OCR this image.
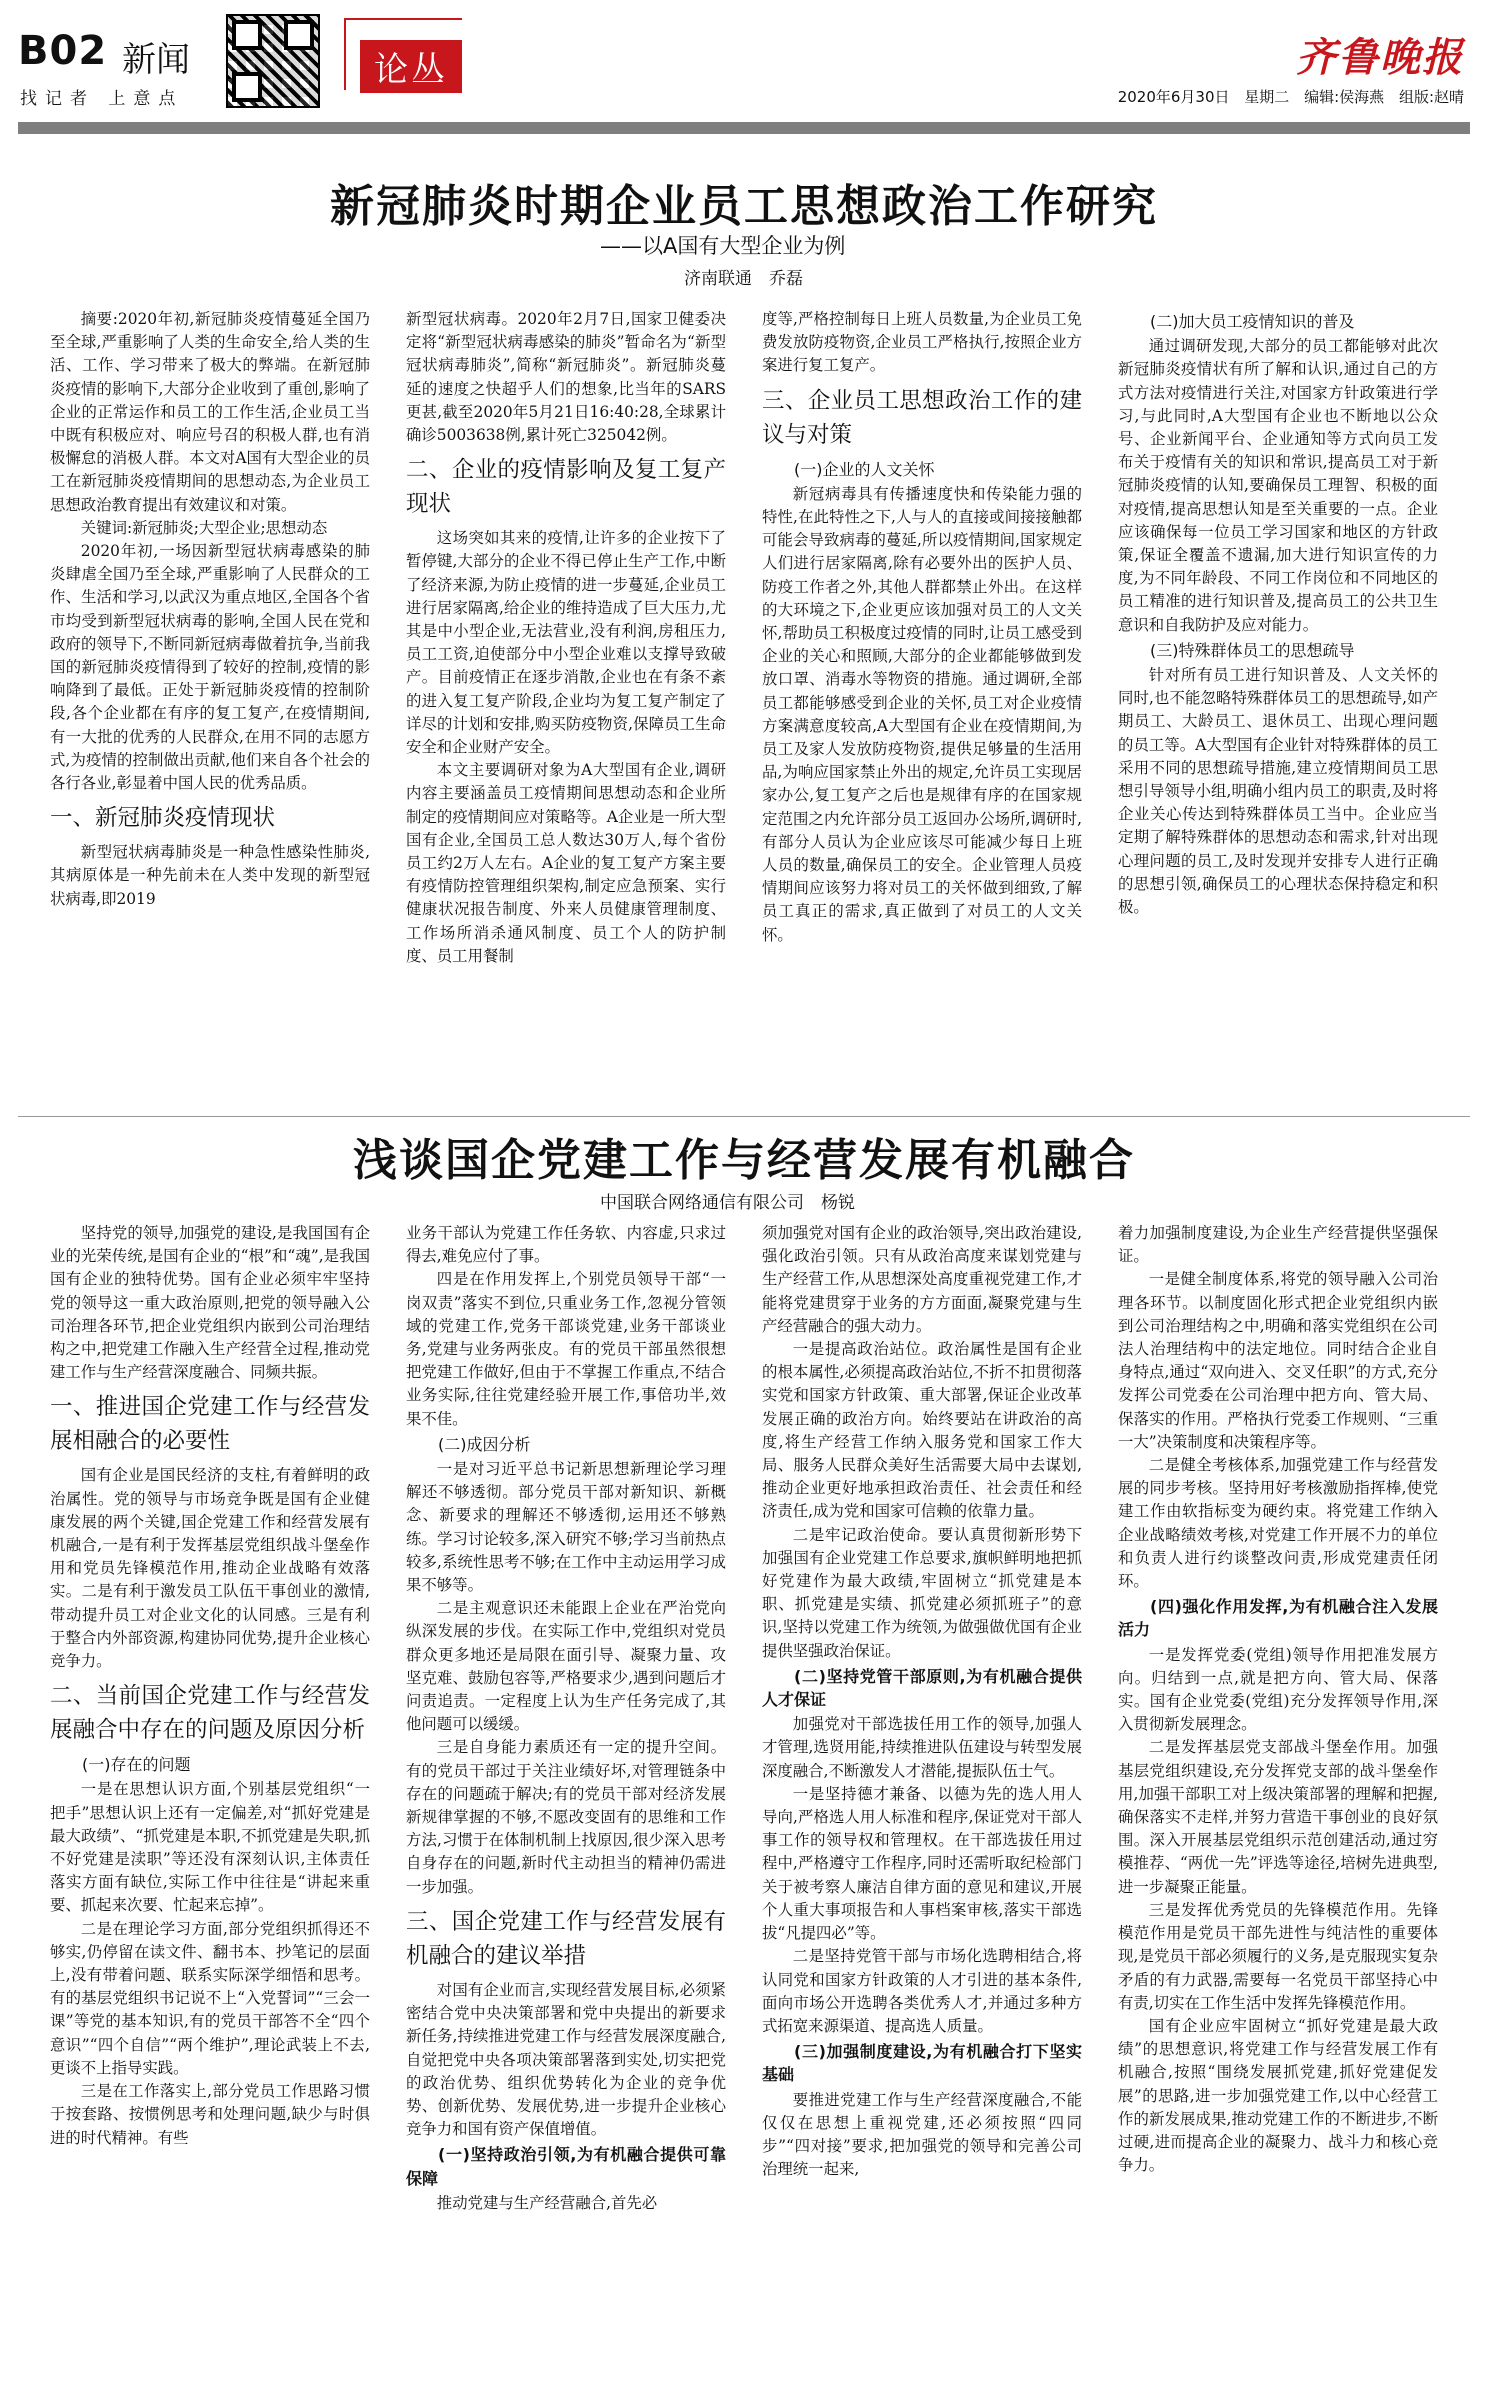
B02 新闻
找记者 上意点
论丛	齐鲁晚报
2020年6月30日 星期二 编辑:侯海燕 组版:赵晴
新冠肺炎时期企业员工思想政治工作研究
——以A国有大型企业为例
济南联通　乔磊

摘要:2020年初,新冠肺炎疫情蔓延全国乃至全球,严重影响了人类的生命安全,给人类的生活、工作、学习带来了极大的弊端。在新冠肺炎疫情的影响下,大部分企业收到了重创,影响了企业的正常运作和员工的工作生活,企业员工当中既有积极应对、响应号召的积极人群,也有消极懈怠的消极人群。本文对A国有大型企业的员工在新冠肺炎疫情期间的思想动态,为企业员工思想政治教育提出有效建议和对策。

关键词:新冠肺炎;大型企业;思想动态

2020年初,一场因新型冠状病毒感染的肺炎肆虐全国乃至全球,严重影响了人民群众的工作、生活和学习,以武汉为重点地区,全国各个省市均受到新型冠状病毒的影响,全国人民在党和政府的领导下,不断同新冠病毒做着抗争,当前我国的新冠肺炎疫情得到了较好的控制,疫情的影响降到了最低。正处于新冠肺炎疫情的控制阶段,各个企业都在有序的复工复产,在疫情期间,有一大批的优秀的人民群众,在用不同的志愿方式,为疫情的控制做出贡献,他们来自各个社会的各行各业,彰显着中国人民的优秀品质。

一、新冠肺炎疫情现状

新型冠状病毒肺炎是一种急性感染性肺炎,其病原体是一种先前未在人类中发现的新型冠状病毒,即2019

新型冠状病毒。2020年2月7日,国家卫健委决定将“新型冠状病毒感染的肺炎”暂命名为“新型冠状病毒肺炎”,简称“新冠肺炎”。新冠肺炎蔓延的速度之快超乎人们的想象,比当年的SARS更甚,截至2020年5月21日16:40:28,全球累计确诊5003638例,累计死亡325042例。

二、企业的疫情影响及复工复产现状

这场突如其来的疫情,让许多的企业按下了暂停键,大部分的企业不得已停止生产工作,中断了经济来源,为防止疫情的进一步蔓延,企业员工进行居家隔离,给企业的维持造成了巨大压力,尤其是中小型企业,无法营业,没有利润,房租压力,员工工资,迫使部分中小型企业难以支撑导致破产。目前疫情正在逐步消散,企业也在有条不紊的进入复工复产阶段,企业均为复工复产制定了详尽的计划和安排,购买防疫物资,保障员工生命安全和企业财产安全。

本文主要调研对象为A大型国有企业,调研内容主要涵盖员工疫情期间思想动态和企业所制定的疫情期间应对策略等。A企业是一所大型国有企业,全国员工总人数达30万人,每个省份员工约2万人左右。A企业的复工复产方案主要有疫情防控管理组织架构,制定应急预案、实行健康状况报告制度、外来人员健康管理制度、工作场所消杀通风制度、员工个人的防护制度、员工用餐制

度等,严格控制每日上班人员数量,为企业员工免费发放防疫物资,企业员工严格执行,按照企业方案进行复工复产。

三、企业员工思想政治工作的建议与对策
(一)企业的人文关怀

新冠病毒具有传播速度快和传染能力强的特性,在此特性之下,人与人的直接或间接接触都可能会导致病毒的蔓延,所以疫情期间,国家规定人们进行居家隔离,除有必要外出的医护人员、防疫工作者之外,其他人群都禁止外出。在这样的大环境之下,企业更应该加强对员工的人文关怀,帮助员工积极度过疫情的同时,让员工感受到企业的关心和照顾,大部分的企业都能够做到发放口罩、消毒水等物资的措施。通过调研,全部员工都能够感受到企业的关怀,员工对企业疫情方案满意度较高,A大型国有企业在疫情期间,为员工及家人发放防疫物资,提供足够量的生活用品,为响应国家禁止外出的规定,允许员工实现居家办公,复工复产之后也是规律有序的在国家规定范围之内允许部分员工返回办公场所,调研时,有部分人员认为企业应该尽可能减少每日上班人员的数量,确保员工的安全。企业管理人员疫情期间应该努力将对员工的关怀做到细致,了解员工真正的需求,真正做到了对员工的人文关怀。

(二)加大员工疫情知识的普及

通过调研发现,大部分的员工都能够对此次新冠肺炎疫情状有所了解和认识,通过自己的方式方法对疫情进行关注,对国家方针政策进行学习,与此同时,A大型国有企业也不断地以公众号、企业新闻平台、企业通知等方式向员工发布关于疫情有关的知识和常识,提高员工对于新冠肺炎疫情的认知,要确保员工理智、积极的面对疫情,提高思想认知是至关重要的一点。企业应该确保每一位员工学习国家和地区的方针政策,保证全覆盖不遗漏,加大进行知识宣传的力度,为不同年龄段、不同工作岗位和不同地区的员工精准的进行知识普及,提高员工的公共卫生意识和自我防护及应对能力。

(三)特殊群体员工的思想疏导

针对所有员工进行知识普及、人文关怀的同时,也不能忽略特殊群体员工的思想疏导,如产期员工、大龄员工、退休员工、出现心理问题的员工等。A大型国有企业针对特殊群体的员工采用不同的思想疏导措施,建立疫情期间员工思想引导领导小组,明确小组内员工的职责,及时将企业关心传达到特殊群体员工当中。企业应当定期了解特殊群体的思想动态和需求,针对出现心理问题的员工,及时发现并安排专人进行正确的思想引领,确保员工的心理状态保持稳定和积极。

浅谈国企党建工作与经营发展有机融合
中国联合网络通信有限公司　杨锐

坚持党的领导,加强党的建设,是我国国有企业的光荣传统,是国有企业的“根”和“魂”,是我国国有企业的独特优势。国有企业必须牢牢坚持党的领导这一重大政治原则,把党的领导融入公司治理各环节,把企业党组织内嵌到公司治理结构之中,把党建工作融入生产经营全过程,推动党建工作与生产经营深度融合、同频共振。

一、推进国企党建工作与经营发展相融合的必要性

国有企业是国民经济的支柱,有着鲜明的政治属性。党的领导与市场竞争既是国有企业健康发展的两个关键,国企党建工作和经营发展有机融合,一是有利于发挥基层党组织战斗堡垒作用和党员先锋模范作用,推动企业战略有效落实。二是有利于激发员工队伍干事创业的激情,带动提升员工对企业文化的认同感。三是有利于整合内外部资源,构建协同优势,提升企业核心竞争力。

二、当前国企党建工作与经营发展融合中存在的问题及原因分析
(一)存在的问题

一是在思想认识方面,个别基层党组织“一把手”思想认识上还有一定偏差,对“抓好党建是最大政绩”、“抓党建是本职,不抓党建是失职,抓不好党建是渎职”等还没有深刻认识,主体责任落实方面有缺位,实际工作中往往是“讲起来重要、抓起来次要、忙起来忘掉”。

二是在理论学习方面,部分党组织抓得还不够实,仍停留在读文件、翻书本、抄笔记的层面上,没有带着问题、联系实际深学细悟和思考。有的基层党组织书记说不上“入党誓词”“三会一课”等党的基本知识,有的党员干部答不全“四个意识”“四个自信”“两个维护”,理论武装上不去,更谈不上指导实践。

三是在工作落实上,部分党员工作思路习惯于按套路、按惯例思考和处理问题,缺少与时俱进的时代精神。有些

业务干部认为党建工作任务软、内容虚,只求过得去,难免应付了事。

四是在作用发挥上,个别党员领导干部“一岗双责”落实不到位,只重业务工作,忽视分管领域的党建工作,党务干部谈党建,业务干部谈业务,党建与业务两张皮。有的党员干部虽然很想把党建工作做好,但由于不掌握工作重点,不结合业务实际,往往党建经验开展工作,事倍功半,效果不佳。

(二)成因分析

一是对习近平总书记新思想新理论学习理解还不够透彻。部分党员干部对新知识、新概念、新要求的理解还不够透彻,运用还不够熟练。学习讨论较多,深入研究不够;学习当前热点较多,系统性思考不够;在工作中主动运用学习成果不够等。

二是主观意识还未能跟上企业在严治党向纵深发展的步伐。在实际工作中,党组织对党员群众更多地还是局限在面引导、凝聚力量、攻坚克难、鼓励包容等,严格要求少,遇到问题后才问责追责。一定程度上认为生产任务完成了,其他问题可以缓缓。

三是自身能力素质还有一定的提升空间。有的党员干部过于关注业绩好坏,对管理链条中存在的问题疏于解决;有的党员干部对经济发展新规律掌握的不够,不愿改变固有的思维和工作方法,习惯于在体制机制上找原因,很少深入思考自身存在的问题,新时代主动担当的精神仍需进一步加强。

三、国企党建工作与经营发展有机融合的建议举措

对国有企业而言,实现经营发展目标,必须紧密结合党中央决策部署和党中央提出的新要求新任务,持续推进党建工作与经营发展深度融合,自觉把党中央各项决策部署落到实处,切实把党的政治优势、组织优势转化为企业的竞争优势、创新优势、发展优势,进一步提升企业核心竞争力和国有资产保值增值。

(一)坚持政治引领,为有机融合提供可靠保障

推动党建与生产经营融合,首先必

须加强党对国有企业的政治领导,突出政治建设,强化政治引领。只有从政治高度来谋划党建与生产经营工作,从思想深处高度重视党建工作,才能将党建贯穿于业务的方方面面,凝聚党建与生产经营融合的强大动力。

一是提高政治站位。政治属性是国有企业的根本属性,必须提高政治站位,不折不扣贯彻落实党和国家方针政策、重大部署,保证企业改革发展正确的政治方向。始终要站在讲政治的高度,将生产经营工作纳入服务党和国家工作大局、服务人民群众美好生活需要大局中去谋划,推动企业更好地承担政治责任、社会责任和经济责任,成为党和国家可信赖的依靠力量。

二是牢记政治使命。要认真贯彻新形势下加强国有企业党建工作总要求,旗帜鲜明地把抓好党建作为最大政绩,牢固树立“抓党建是本职、抓党建是实绩、抓党建必须抓班子”的意识,坚持以党建工作为统领,为做强做优国有企业提供坚强政治保证。

(二)坚持党管干部原则,为有机融合提供人才保证

加强党对干部选拔任用工作的领导,加强人才管理,选贤用能,持续推进队伍建设与转型发展深度融合,不断激发人才潜能,提振队伍士气。

一是坚持德才兼备、以德为先的选人用人导向,严格选人用人标准和程序,保证党对干部人事工作的领导权和管理权。在干部选拔任用过程中,严格遵守工作程序,同时还需听取纪检部门关于被考察人廉洁自律方面的意见和建议,开展个人重大事项报告和人事档案审核,落实干部选拔“凡提四必”等。

二是坚持党管干部与市场化选聘相结合,将认同党和国家方针政策的人才引进的基本条件,面向市场公开选聘各类优秀人才,并通过多种方式拓宽来源渠道、提高选人质量。

(三)加强制度建设,为有机融合打下坚实基础

要推进党建工作与生产经营深度融合,不能仅仅在思想上重视党建,还必须按照“四同步”“四对接”要求,把加强党的领导和完善公司治理统一起来,

着力加强制度建设,为企业生产经营提供坚强保证。

一是健全制度体系,将党的领导融入公司治理各环节。以制度固化形式把企业党组织内嵌到公司治理结构之中,明确和落实党组织在公司法人治理结构中的法定地位。同时结合企业自身特点,通过“双向进入、交叉任职”的方式,充分发挥公司党委在公司治理中把方向、管大局、保落实的作用。严格执行党委工作规则、“三重一大”决策制度和决策程序等。

二是健全考核体系,加强党建工作与经营发展的同步考核。坚持用好考核激励指挥棒,使党建工作由软指标变为硬约束。将党建工作纳入企业战略绩效考核,对党建工作开展不力的单位和负责人进行约谈整改问责,形成党建责任闭环。

(四)强化作用发挥,为有机融合注入发展活力

一是发挥党委(党组)领导作用把准发展方向。归结到一点,就是把方向、管大局、保落实。国有企业党委(党组)充分发挥领导作用,深入贯彻新发展理念。

二是发挥基层党支部战斗堡垒作用。加强基层党组织建设,充分发挥党支部的战斗堡垒作用,加强干部职工对上级决策部署的理解和把握,确保落实不走样,并努力营造干事创业的良好氛围。深入开展基层党组织示范创建活动,通过穷模推荐、“两优一先”评选等途径,培树先进典型,进一步凝聚正能量。

三是发挥优秀党员的先锋模范作用。先锋模范作用是党员干部先进性与纯洁性的重要体现,是党员干部必须履行的义务,是克服现实复杂矛盾的有力武器,需要每一名党员干部坚持心中有责,切实在工作生活中发挥先锋模范作用。

国有企业应牢固树立“抓好党建是最大政绩”的思想意识,将党建工作与经营发展工作有机融合,按照“围绕发展抓党建,抓好党建促发展”的思路,进一步加强党建工作,以中心经营工作的新发展成果,推动党建工作的不断进步,不断过硬,进而提高企业的凝聚力、战斗力和核心竞争力。
